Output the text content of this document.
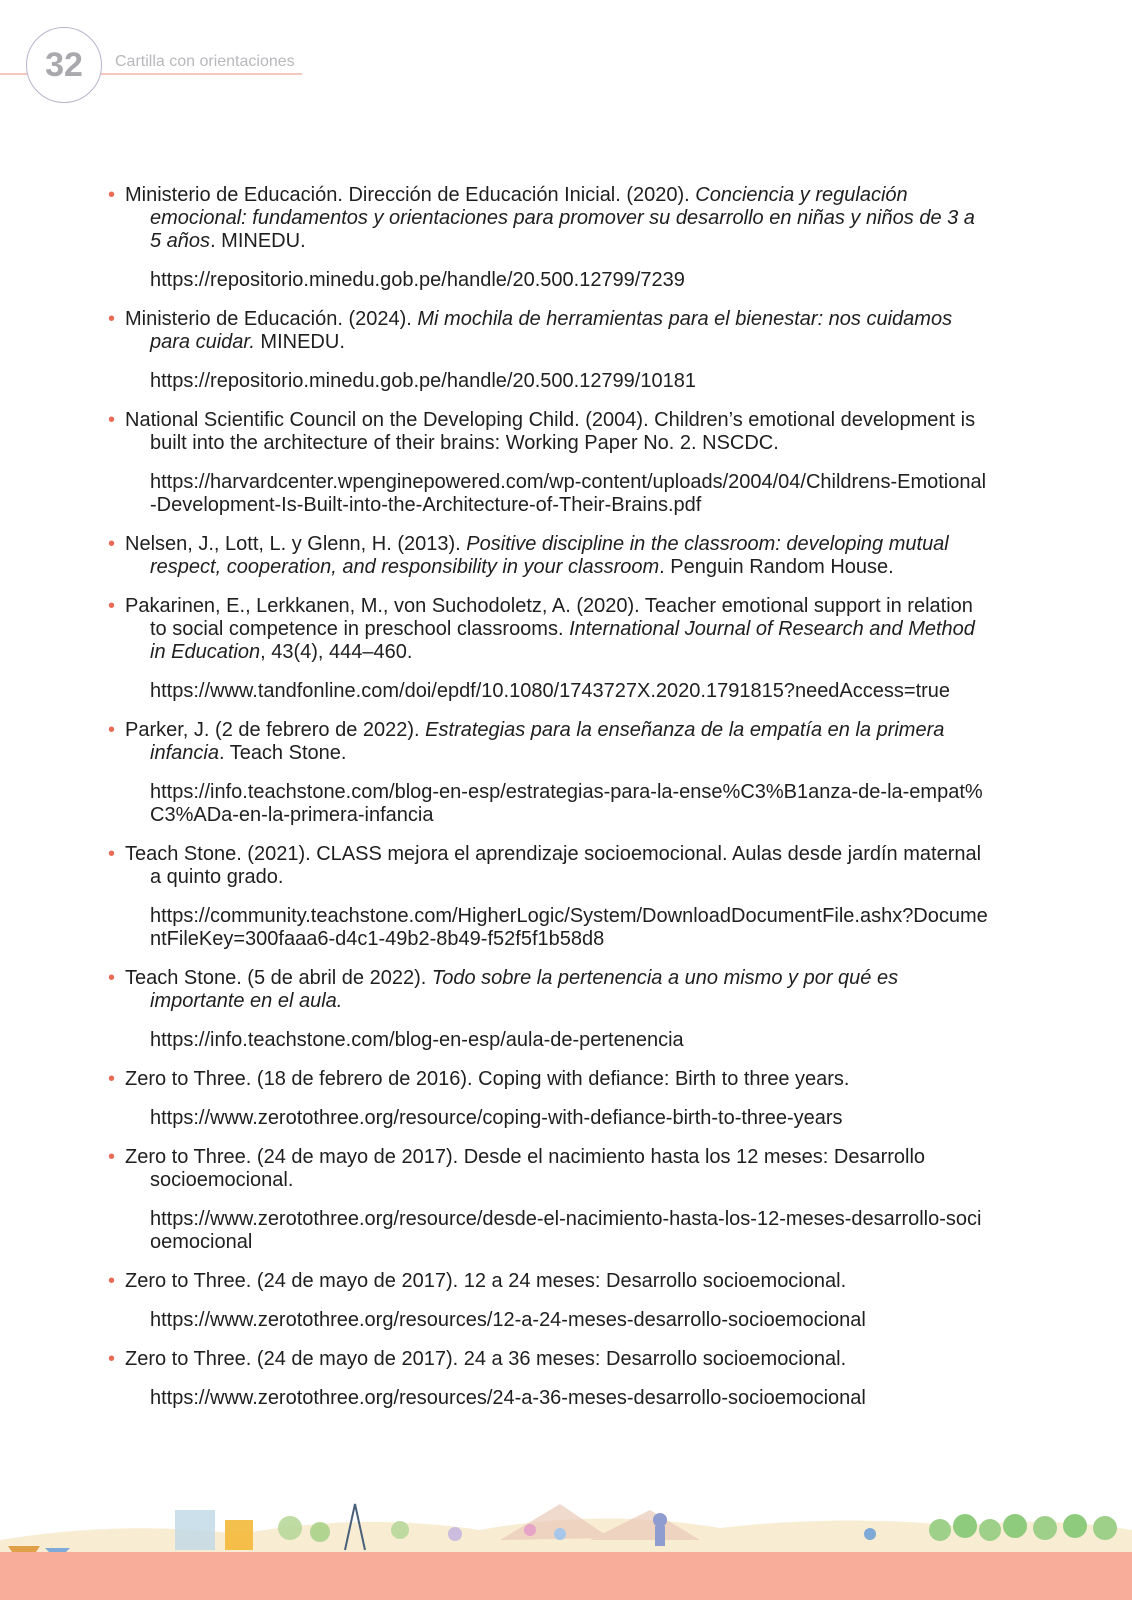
32 Cartilla con orientaciones

• Ministerio de Educación. Dirección de Educación Inicial. (2020). Conciencia y regulación emocional: fundamentos y orientaciones para promover su desarrollo en niñas y niños de 3 a 5 años. MINEDU.

https://repositorio.minedu.gob.pe/handle/20.500.12799/7239

• Ministerio de Educación. (2024). Mi mochila de herramientas para el bienestar: nos cuidamos para cuidar. MINEDU.

https://repositorio.minedu.gob.pe/handle/20.500.12799/10181

• National Scientific Council on the Developing Child. (2004). Children’s emotional development is built into the architecture of their brains: Working Paper No. 2. NSCDC.

https://harvardcenter.wpenginepowered.com/wp-content/uploads/2004/04/Childrens-Emotional-Development-Is-Built-into-the-Architecture-of-Their-Brains.pdf

• Nelsen, J., Lott, L. y Glenn, H. (2013). Positive discipline in the classroom: developing mutual respect, cooperation, and responsibility in your classroom. Penguin Random House.

• Pakarinen, E., Lerkkanen, M., von Suchodoletz, A. (2020). Teacher emotional support in relation to social competence in preschool classrooms. International Journal of Research and Method in Education, 43(4), 444–460.

https://www.tandfonline.com/doi/epdf/10.1080/1743727X.2020.1791815?needAccess=true

• Parker, J. (2 de febrero de 2022). Estrategias para la enseñanza de la empatía en la primera infancia. Teach Stone.

https://info.teachstone.com/blog-en-esp/estrategias-para-la-ense%C3%B1anza-de-la-empat%C3%ADa-en-la-primera-infancia

• Teach Stone. (2021). CLASS mejora el aprendizaje socioemocional. Aulas desde jardín maternal a quinto grado.

https://community.teachstone.com/HigherLogic/System/DownloadDocumentFile.ashx?DocumentFileKey=300faaa6-d4c1-49b2-8b49-f52f5f1b58d8

• Teach Stone. (5 de abril de 2022). Todo sobre la pertenencia a uno mismo y por qué es importante en el aula.

https://info.teachstone.com/blog-en-esp/aula-de-pertenencia

• Zero to Three. (18 de febrero de 2016). Coping with defiance: Birth to three years.

https://www.zerotothree.org/resource/coping-with-defiance-birth-to-three-years

• Zero to Three. (24 de mayo de 2017). Desde el nacimiento hasta los 12 meses: Desarrollo socioemocional.

https://www.zerotothree.org/resource/desde-el-nacimiento-hasta-los-12-meses-desarrollo-socioemocional

• Zero to Three. (24 de mayo de 2017). 12 a 24 meses: Desarrollo socioemocional.

https://www.zerotothree.org/resources/12-a-24-meses-desarrollo-socioemocional

• Zero to Three. (24 de mayo de 2017). 24 a 36 meses: Desarrollo socioemocional.

https://www.zerotothree.org/resources/24-a-36-meses-desarrollo-socioemocional
